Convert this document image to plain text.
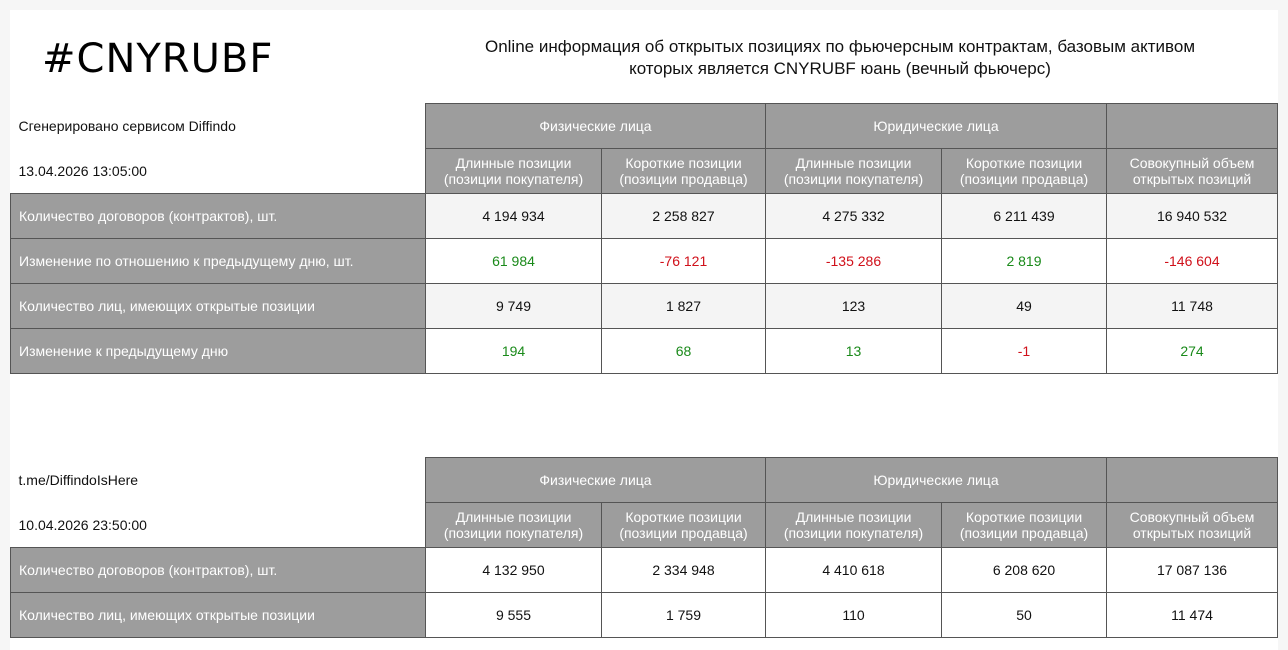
#CNYRUBF	Online информация об открытых позициях по фьючерсным контрактам, базовым активом
которых является CNYRUBF юань (вечный фьючерс)
Сгенерировано сервисом Diffindo	Физические лица		Юридические лица		
13.04.2026 13:05:00	Длинные позиции
(позиции покупателя)	Короткие позиции
(позиции продавца)	Длинные позиции
(позиции покупателя)	Короткие позиции
(позиции продавца)	Совокупный объем
открытых позиций
Количество договоров (контрактов), шт.	4 194 934	2 258 827	4 275 332	6 211 439	16 940 532
Изменение по отношению к предыдущему дню, шт.	61 984	-76 121	-135 286	2 819	-146 604
Количество лиц, имеющих открытые позиции	9 749	1 827	123	49	11 748
Изменение к предыдущему дню	194	68	13	-1	274
t.me/DiffindoIsHere	Физические лица		Юридические лица		
10.04.2026 23:50:00	Длинные позиции
(позиции покупателя)	Короткие позиции
(позиции продавца)	Длинные позиции
(позиции покупателя)	Короткие позиции
(позиции продавца)	Совокупный объем
открытых позиций
Количество договоров (контрактов), шт.	4 132 950	2 334 948	4 410 618	6 208 620	17 087 136
Количество лиц, имеющих открытые позиции	9 555	1 759	110	50	11 474
